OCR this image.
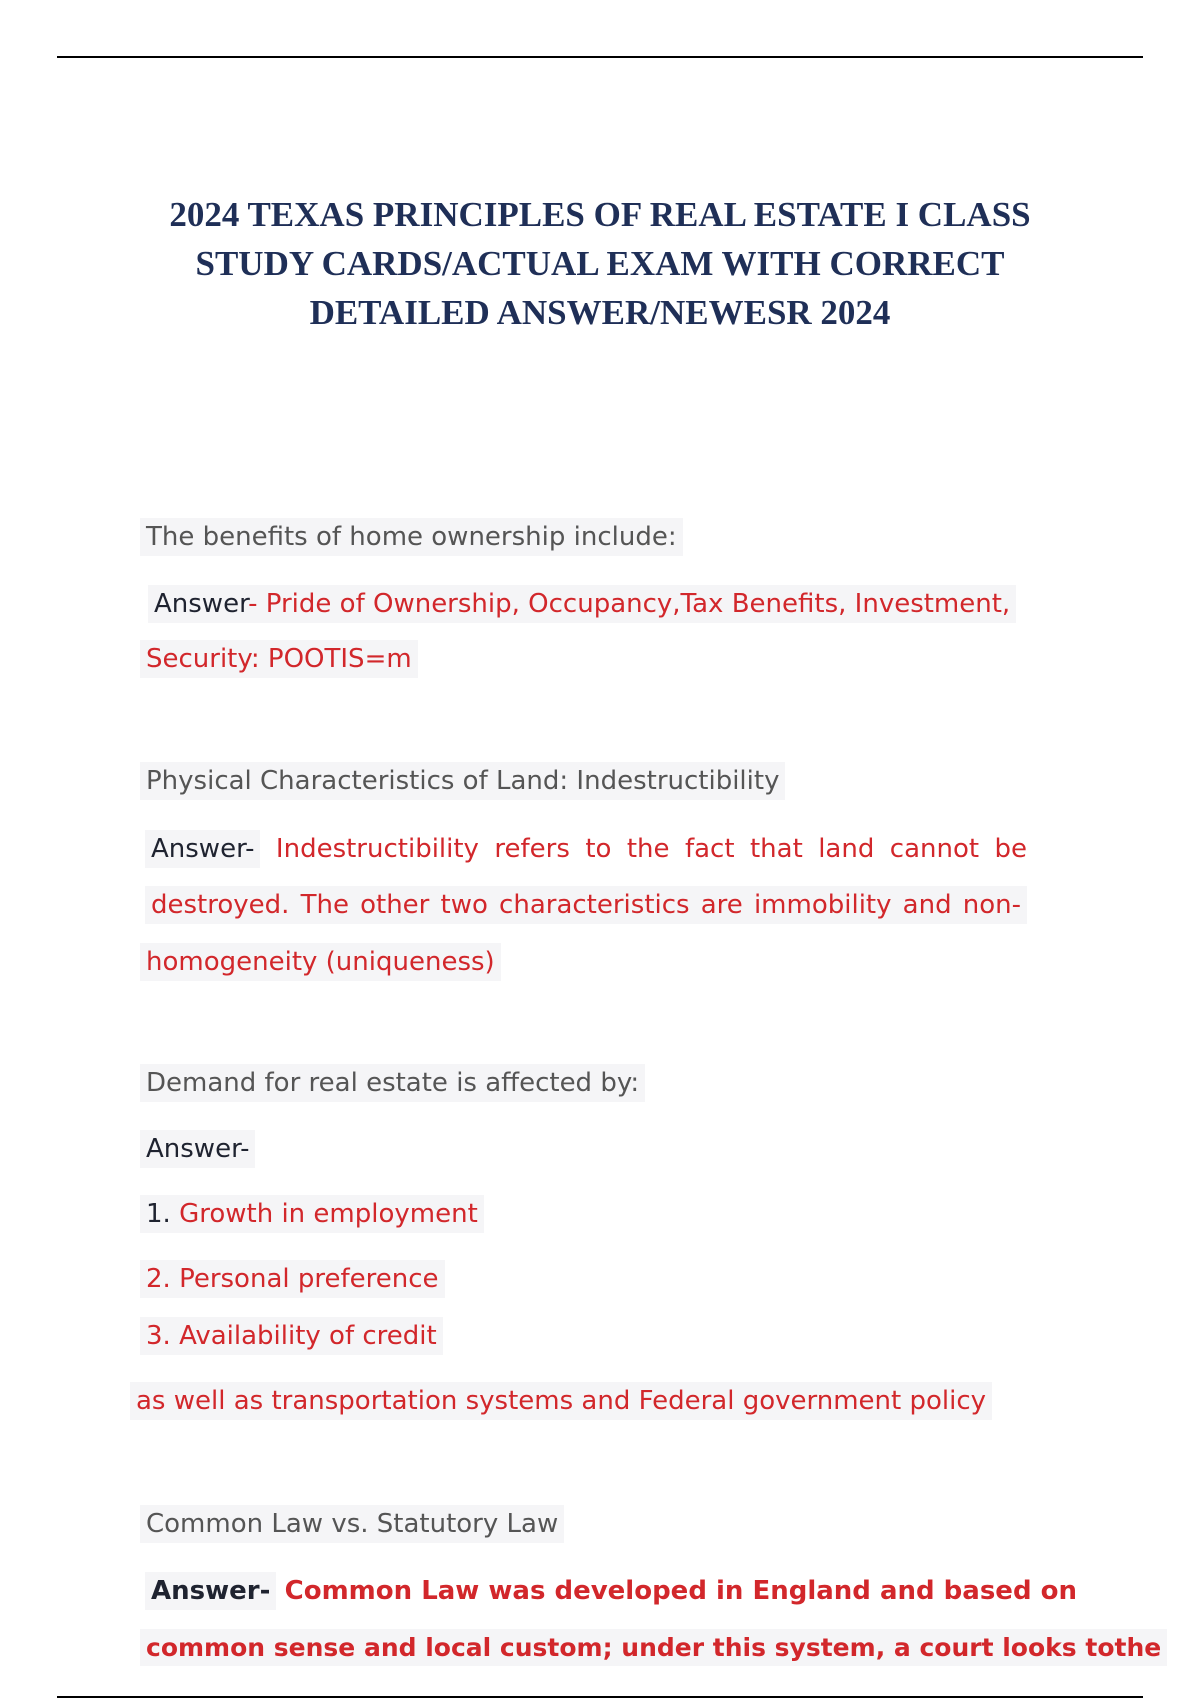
2024 TEXAS PRINCIPLES OF REAL ESTATE I CLASS
STUDY CARDS/ACTUAL EXAM WITH CORRECT
DETAILED ANSWER/NEWESR 2024
The benefits of home ownership include:
Answer- Pride of Ownership, Occupancy,Tax Benefits, Investment,
Security: POOTIS=m
Physical Characteristics of Land: Indestructibility
Answer- Indestructibility refers to the fact that land cannot be
destroyed. The other two characteristics are immobility and non-
homogeneity (uniqueness)
Demand for real estate is affected by:
Answer-
1. Growth in employment
2. Personal preference
3. Availability of credit
as well as transportation systems and Federal government policy
Common Law vs. Statutory Law
Answer- Common Law was developed in England and based on
common sense and local custom; under this system, a court looks tothe
